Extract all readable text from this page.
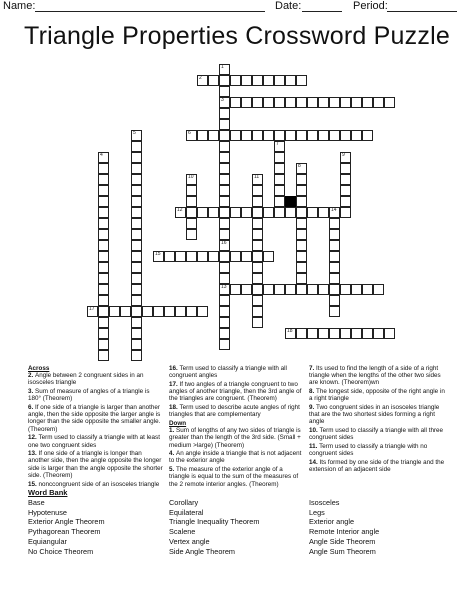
Name:	Date:	Period:
Triangle Properties Crossword Puzzle
2
3
6
12	14
15
13
17
18
1
16
5
4
10	11
8
9
7
Across
2. Angle between 2 congruent sides in an isosceles triangle
3. Sum of measure of angles of a triangle is 180° (Theorem)
6. If one side of a triangle is larger than another angle, then the side opposite the larger angle is longer than the side opposite the smaller angle. (Theorem)
12. Term used to classify a triangle with at least one two congruent sides
13. If one side of a triangle is longer than another side, then the angle opposite the longer side is larger than the angle opposite the shorter side. (Theorem)
15. nonccongruent side of an isosceles triangle
16. Term used to classify a triangle with all congruent angles
17. If two angles of a triangle congruent to two angles of another triangle, then the 3rd angle of the triangles are congruent. (Theorem)
18. Term used to describe acute angles of right triangles that are complementary
Down
1. Sum of lengths of any two sides of triangle is greater than the length of the 3rd side. (Small + medium >large) (Theorem)
4. An angle inside a triangle that is not adjacent to the exterior angle
5. The measure of the exterior angle of a triangle is equal to the sum of the measures of the 2 remote interior angles. (Theorem)
7. Its used to find the length of a side of a right triangle when the lengths of the other two sides are known. (Theorem)wn
8. The longest side, opposite of the right angle in a right triangle
9. Two congruent sides in an isosceles triangle that are the two shortest sides forming a right angle
10. Term used to classify a triangle with all three congruent sides
11. Term used to classify a triangle with no congruent sides
14. Its formed by one side of the triangle and the extension of an adjacent side
Word Bank
Base
Hypotenuse
Exterior Angle Theorem
Pythagorean Theorem
Equiangular
No Choice Theorem
Corollary
Equilateral
Triangle Inequality Theorem
Scalene
Vertex angle
Side Angle Theorem
Isosceles
Legs
Exterior angle
Remote Interior angle
Angle Side Theorem
Angle Sum Theorem
